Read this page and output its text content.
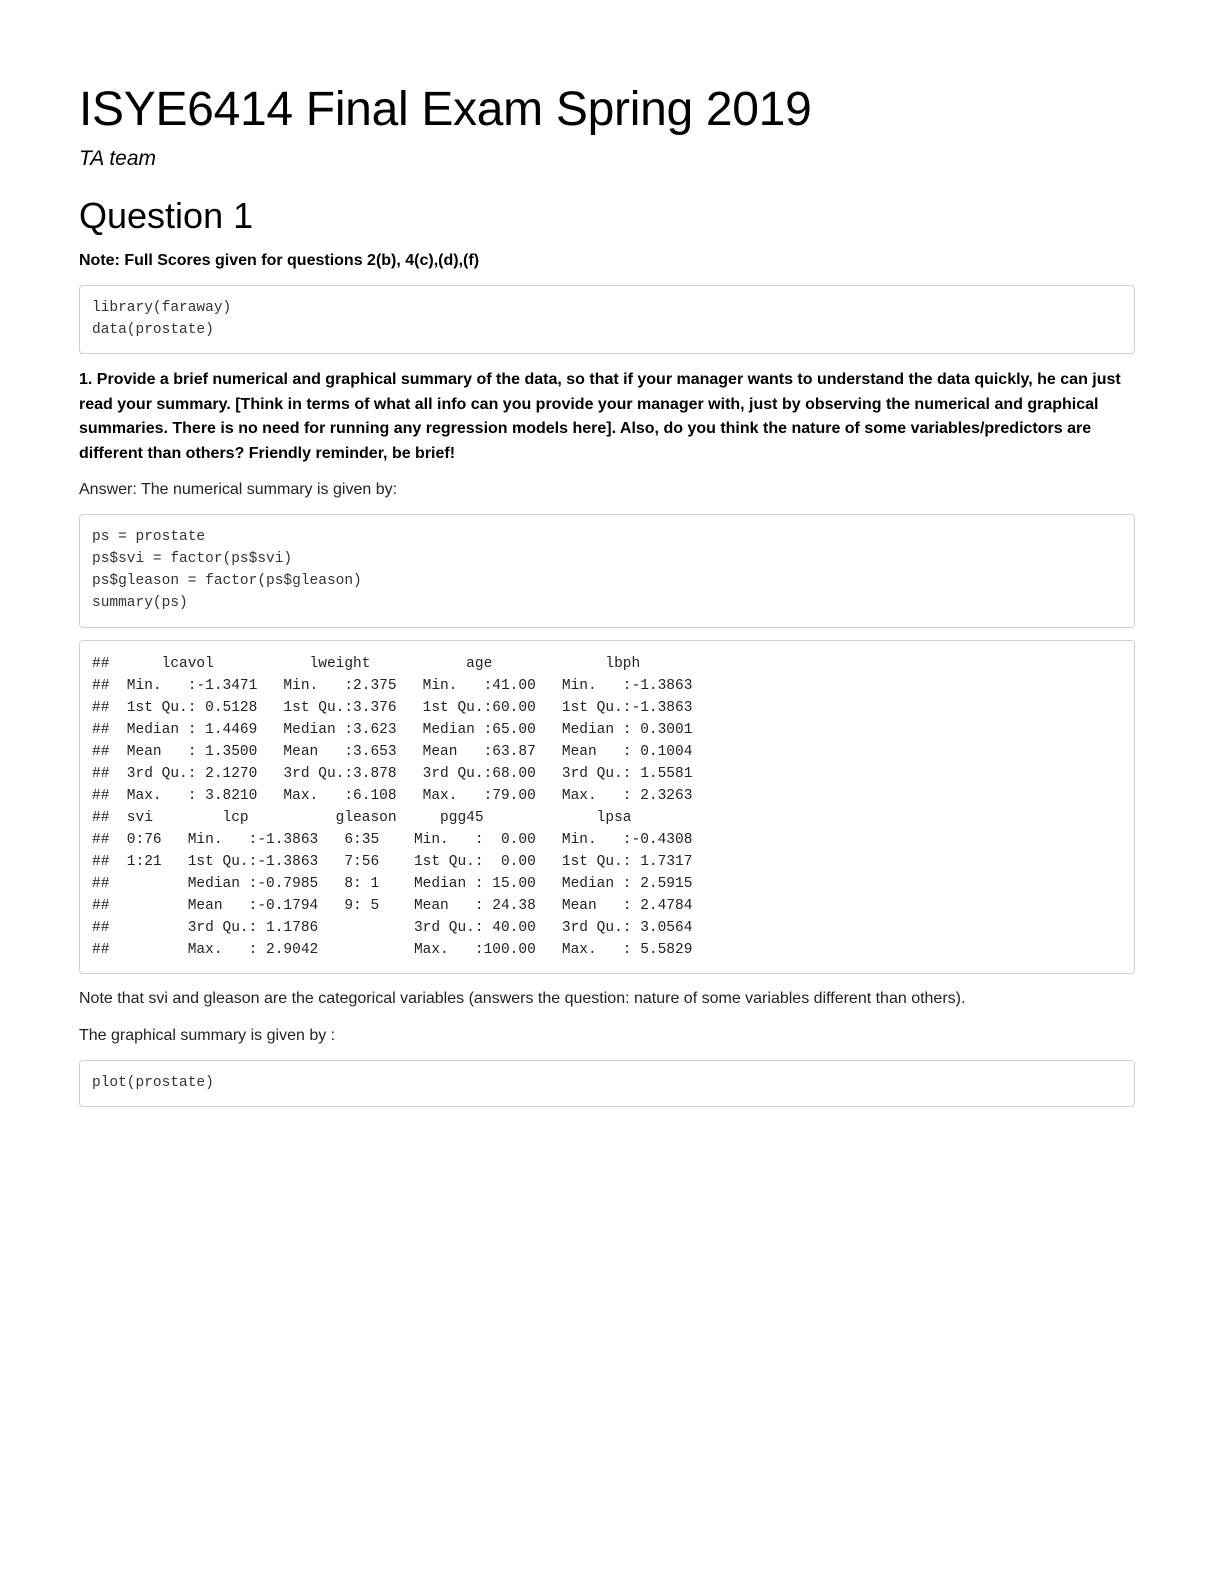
ISYE6414 Final Exam Spring 2019
TA team
Question 1
Note: Full Scores given for questions 2(b), 4(c),(d),(f)
library(faraway)
data(prostate)
1. Provide a brief numerical and graphical summary of the data, so that if your manager wants to understand the data quickly, he can just read your summary. [Think in terms of what all info can you provide your manager with, just by observing the numerical and graphical summaries. There is no need for running any regression models here]. Also, do you think the nature of some variables/predictors are different than others? Friendly reminder, be brief!
Answer: The numerical summary is given by:
ps = prostate
ps$svi = factor(ps$svi)
ps$gleason = factor(ps$gleason)
summary(ps)
##      lcavol           lweight           age             lbph
##  Min.   :-1.3471   Min.   :2.375   Min.   :41.00   Min.   :-1.3863
##  1st Qu.: 0.5128   1st Qu.:3.376   1st Qu.:60.00   1st Qu.:-1.3863
##  Median : 1.4469   Median :3.623   Median :65.00   Median : 0.3001
##  Mean   : 1.3500   Mean   :3.653   Mean   :63.87   Mean   : 0.1004
##  3rd Qu.: 2.1270   3rd Qu.:3.878   3rd Qu.:68.00   3rd Qu.: 1.5581
##  Max.   : 3.8210   Max.   :6.108   Max.   :79.00   Max.   : 2.3263
##  svi        lcp          gleason     pgg45             lpsa
##  0:76   Min.   :-1.3863   6:35    Min.   :  0.00   Min.   :-0.4308
##  1:21   1st Qu.:-1.3863   7:56    1st Qu.:  0.00   1st Qu.: 1.7317
##         Median :-0.7985   8: 1    Median : 15.00   Median : 2.5915
##         Mean   :-0.1794   9: 5    Mean   : 24.38   Mean   : 2.4784
##         3rd Qu.: 1.1786           3rd Qu.: 40.00   3rd Qu.: 3.0564
##         Max.   : 2.9042           Max.   :100.00   Max.   : 5.5829
Note that svi and gleason are the categorical variables (answers the question: nature of some variables different than others).
The graphical summary is given by :
plot(prostate)
